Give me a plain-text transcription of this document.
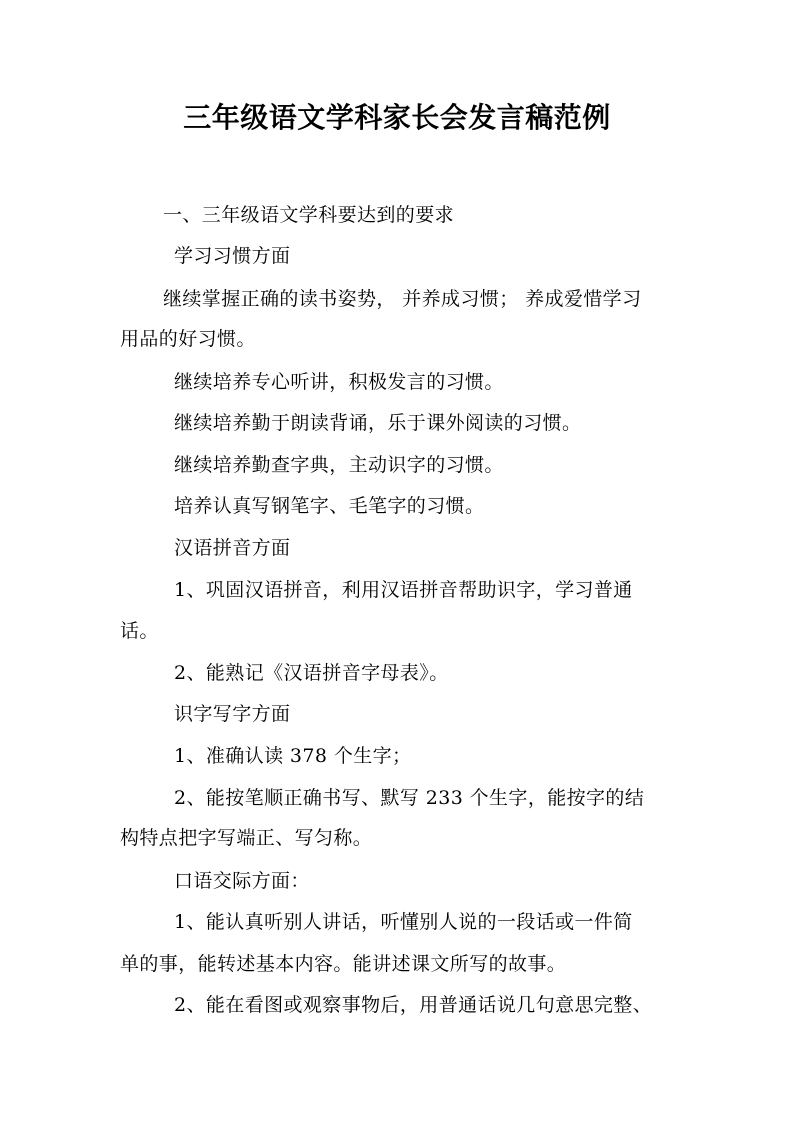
三年级语文学科家长会发言稿范例
一、三年级语文学科要达到的要求
学习习惯方面
继续掌握正确的读书姿势， 并养成习惯； 养成爱惜学习
用品的好习惯。
继续培养专心听讲，积极发言的习惯。
继续培养勤于朗读背诵，乐于课外阅读的习惯。
继续培养勤查字典，主动识字的习惯。
培养认真写钢笔字、毛笔字的习惯。
汉语拼音方面
1、巩固汉语拼音，利用汉语拼音帮助识字，学习普通
话。
2、能熟记《汉语拼音字母表》。
识字写字方面
1、准确认读 378 个生字；
2、能按笔顺正确书写、默写 233 个生字，能按字的结
构特点把字写端正、写匀称。
口语交际方面：
1、能认真听别人讲话，听懂别人说的一段话或一件简
单的事，能转述基本内容。能讲述课文所写的故事。
2、能在看图或观察事物后，用普通话说几句意思完整、
